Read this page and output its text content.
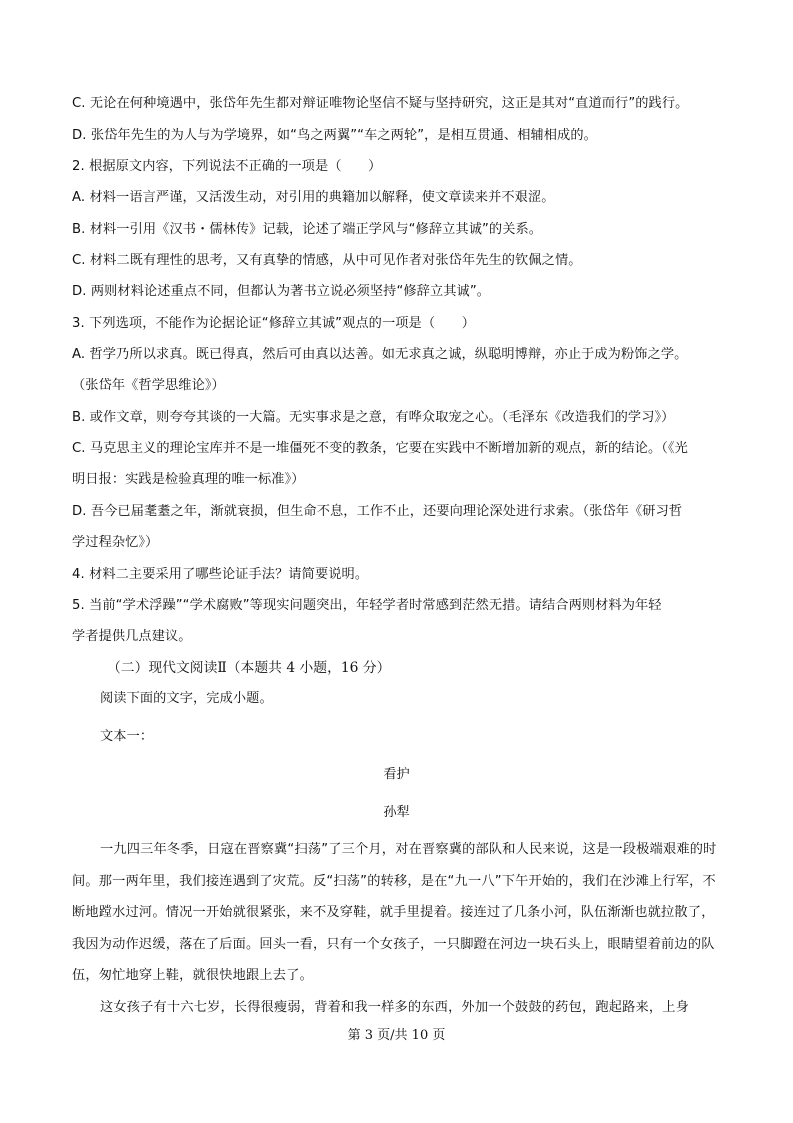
C. 无论在何种境遇中，张岱年先生都对辩证唯物论坚信不疑与坚持研究，这正是其对“直道而行”的践行。
D. 张岱年先生的为人与为学境界，如“鸟之两翼”“车之两轮”，是相互贯通、相辅相成的。
2. 根据原文内容，下列说法不正确的一项是（　　）
A. 材料一语言严谨，又活泼生动，对引用的典籍加以解释，使文章读来并不艰涩。
B. 材料一引用《汉书・儒林传》记载，论述了端正学风与“修辞立其诚”的关系。
C. 材料二既有理性的思考，又有真挚的情感，从中可见作者对张岱年先生的钦佩之情。
D. 两则材料论述重点不同，但都认为著书立说必须坚持“修辞立其诚”。
3. 下列选项，不能作为论据论证“修辞立其诚”观点的一项是（　　）
A. 哲学乃所以求真。既已得真，然后可由真以达善。如无求真之诚，纵聪明博辩，亦止于成为粉饰之学。
（张岱年《哲学思维论》）
B. 或作文章，则夸夸其谈的一大篇。无实事求是之意，有哗众取宠之心。（毛泽东《改造我们的学习》）
C. 马克思主义的理论宝库并不是一堆僵死不变的教条，它要在实践中不断增加新的观点，新的结论。（《光
明日报：实践是检验真理的唯一标准》）
D. 吾今已届耄耋之年，渐就衰损，但生命不息，工作不止，还要向理论深处进行求索。（张岱年《研习哲
学过程杂忆》）
4. 材料二主要采用了哪些论证手法？请简要说明。
5. 当前“学术浮躁”“学术腐败”等现实问题突出，年轻学者时常感到茫然无措。请结合两则材料为年轻
学者提供几点建议。
（二）现代文阅读Ⅱ（本题共 4 小题，16 分）
阅读下面的文字，完成小题。
文本一：
看护
孙犁
一九四三年冬季，日寇在晋察冀“扫荡”了三个月，对在晋察冀的部队和人民来说，这是一段极端艰难的时间。那一两年里，我们接连遇到了灾荒。反“扫荡”的转移，是在“九一八”下午开始的，我们在沙滩上行军，不断地蹚水过河。情况一开始就很紧张，来不及穿鞋，就手里提着。接连过了几条小河，队伍渐渐也就拉散了，我因为动作迟缓，落在了后面。回头一看，只有一个女孩子，一只脚蹬在河边一块石头上，眼睛望着前边的队伍，匆忙地穿上鞋，就很快地跟上去了。
这女孩子有十六七岁，长得很瘦弱，背着和我一样多的东西，外加一个鼓鼓的药包，跑起路来，上身
第 3 页/共 10 页
